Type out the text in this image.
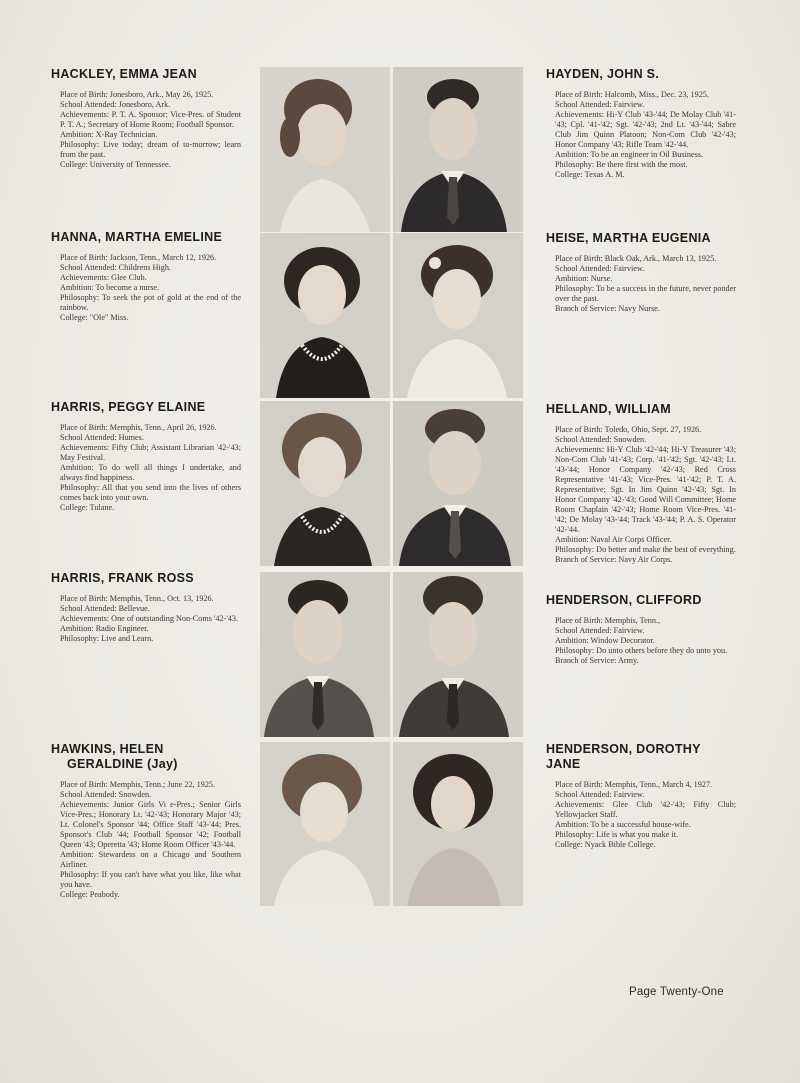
HACKLEY, EMMA JEAN

Place of Birth: Jonesboro, Ark., May 26, 1925.

School Attended: Jonesboro, Ark.

Achievements: P. T. A. Sponsor; Vice-Pres. of Student P. T. A.; Secretary of Home Room; Football Sponsor.

Ambition: X-Ray Technician.

Philosophy: Live today; dream of to-morrow; learn from the past.

College: University of Tennessee.

HAYDEN, JOHN S.

Place of Birth: Halcomb, Miss., Dec. 23, 1925.

School Attended: Fairview.

Achievements: Hi-Y Club '43-'44; De Molay Club '41-'43; Cpl. '41-'42; Sgt. '42-'43; 2nd Lt. '43-'44; Sabre Club Jim Quinn Platoon; Non-Com Club '42-'43; Honor Company '43; Rifle Team '42-'44.

Ambition: To be an engineer in Oil Business.

Philosophy: Be there first with the most.

College: Texas A. M.

HANNA, MARTHA EMELINE

Place of Birth: Jackson, Tenn., March 12, 1926.

School Attended: Childrens High.

Achievements: Glee Club.

Ambition: To become a nurse.

Philosophy: To seek the pot of gold at the end of the rainbow.

College: "Ole" Miss.

HEISE, MARTHA EUGENIA

Place of Birth: Black Oak, Ark., March 13, 1925.

School Attended: Fairview.

Ambition: Nurse.

Philosophy: To be a success in the future, never ponder over the past.

Branch of Service: Navy Nurse.

HARRIS, PEGGY ELAINE

Place of Birth: Memphis, Tenn., April 26, 1926.

School Attended: Humes.

Achievements: Fifty Club; Assistant Librarian '42-'43; May Festival.

Ambition: To do well all things I undertake, and always find happiness.

Philosophy: All that you send into the lives of others comes back into your own.

College: Tulane.

HELLAND, WILLIAM

Place of Birth: Toledo, Ohio, Sept. 27, 1926.

School Attended: Snowden.

Achievements: Hi-Y Club '42-'44; Hi-Y Treasurer '43; Non-Com Club '41-'43; Corp. '41-'42; Sgt. '42-'43; Lt. '43-'44; Honor Company '42-'43; Red Cross Representative '41-'43; Vice-Pres. '41-'42; P. T. A. Representative; Sgt. In Jim Quinn '42-'43; Sgt. In Honor Company '42-'43; Good Will Committee; Home Room Chaplain '42-'43; Home Room Vice-Pres. '41-'42; De Molay '43-'44; Track '43-'44; P. A. S. Operator '42-'44.

Ambition: Naval Air Corps Officer.

Philosophy: Do better and make the best of everything.

Branch of Service: Navy Air Corps.

HARRIS, FRANK ROSS

Place of Birth: Memphis, Tenn., Oct. 13, 1926.

School Attended: Bellevue.

Achievements: One of outstanding Non-Coms '42-'43.

Ambition: Radio Engineer.

Philosophy: Live and Learn.

HENDERSON, CLIFFORD

Place of Birth: Memphis, Tenn.,

School Attended: Fairview.

Ambition: Window Decorator.

Philosophy: Do unto others before they do unto you.

Branch of Service: Army.

HAWKINS, HELEN
GERALDINE (Jay)

Place of Birth: Memphis, Tenn.; June 22, 1925.

School Attended: Snowden.

Achievements: Junior Girls Vi e-Pres.; Senior Girls Vice-Pres.; Honorary Lt. '42-'43; Honorary Major '43; Lt. Colonel's Sponsor '44; Office Staff '43-'44; Pres. Sponsor's Club '44; Football Sponsor '42; Football Queen '43; Operetta '43; Home Room Officer '43-'44.

Ambition: Stewardess on a Chicago and Southern Airliner.

Philosophy: If you can't have what you like, like what you have.

College: Peabody.

HENDERSON, DOROTHY JANE

Place of Birth: Memphis, Tenn., March 4, 1927.

School Attended: Fairview.

Achievements: Glee Club '42-'43; Fifty Club; Yellowjacket Staff.

Ambition: To be a successful house-wife.

Philosophy: Life is what you make it.

College: Nyack Bible College.

Page Twenty-One
